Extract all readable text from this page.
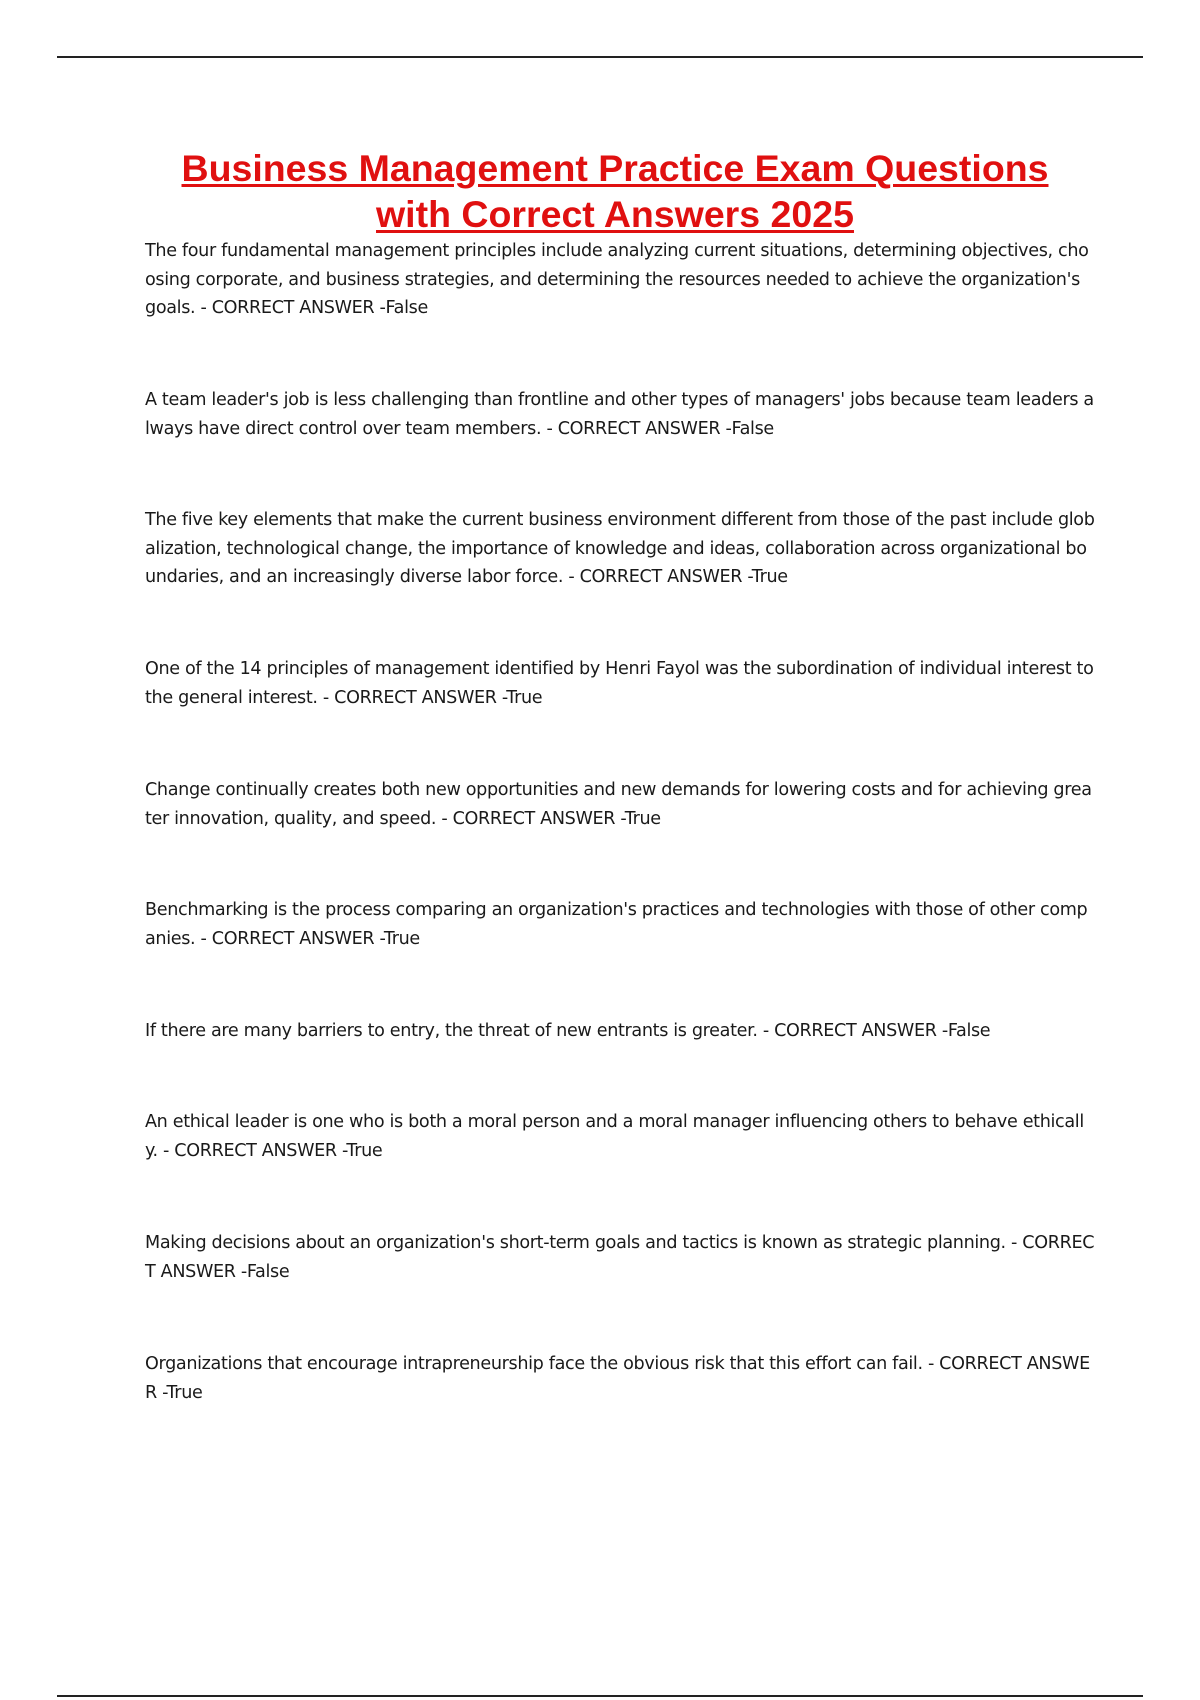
Business Management Practice Exam Questions with Correct Answers 2025
The four fundamental management principles include analyzing current situations, determining objectives, choosing corporate, and business strategies, and determining the resources needed to achieve the organization's goals. - CORRECT ANSWER -False
A team leader's job is less challenging than frontline and other types of managers' jobs because team leaders always have direct control over team members. - CORRECT ANSWER -False
The five key elements that make the current business environment different from those of the past include globalization, technological change, the importance of knowledge and ideas, collaboration across organizational boundaries, and an increasingly diverse labor force. - CORRECT ANSWER -True
One of the 14 principles of management identified by Henri Fayol was the subordination of individual interest to the general interest. - CORRECT ANSWER -True
Change continually creates both new opportunities and new demands for lowering costs and for achieving greater innovation, quality, and speed. - CORRECT ANSWER -True
Benchmarking is the process comparing an organization's practices and technologies with those of other companies. - CORRECT ANSWER -True
If there are many barriers to entry, the threat of new entrants is greater. - CORRECT ANSWER -False
An ethical leader is one who is both a moral person and a moral manager influencing others to behave ethically. - CORRECT ANSWER -True
Making decisions about an organization's short-term goals and tactics is known as strategic planning. - CORRECT ANSWER -False
Organizations that encourage intrapreneurship face the obvious risk that this effort can fail. - CORRECT ANSWER -True
